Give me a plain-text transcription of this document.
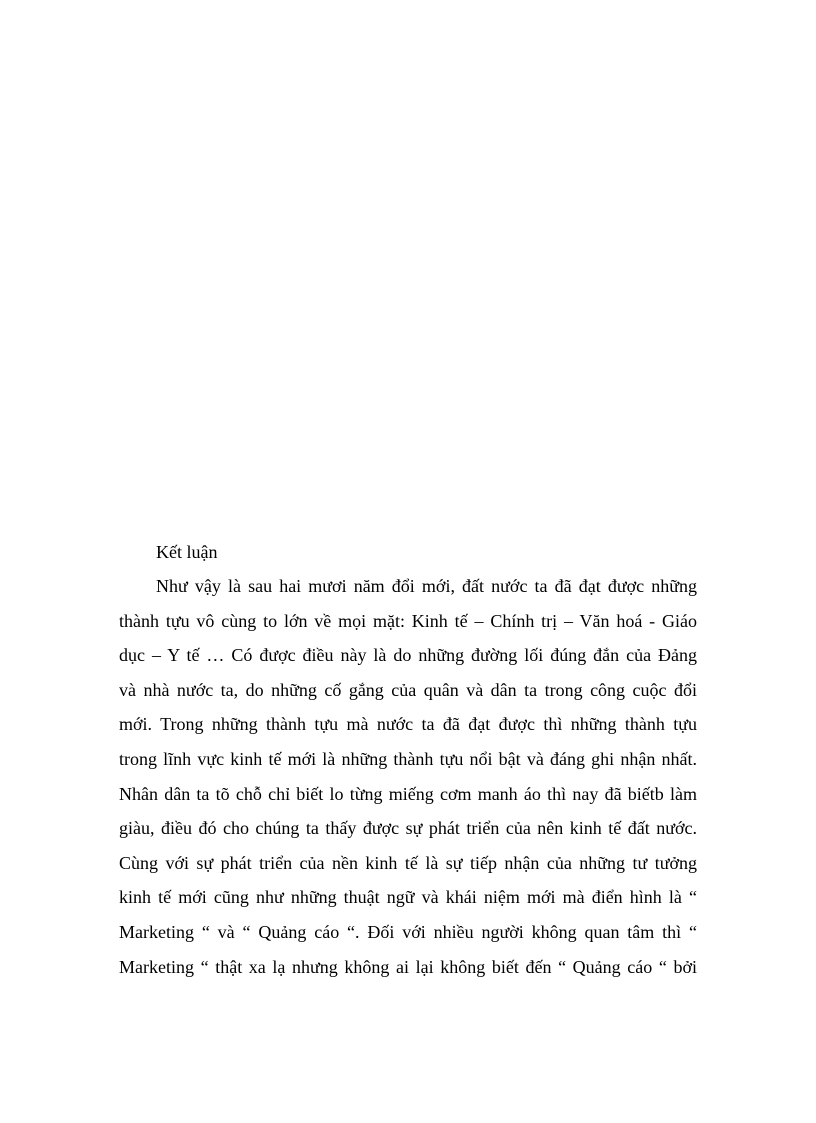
Kết luận
Như vậy là sau hai mươi năm đổi mới, đất nước ta đã đạt được những
thành tựu vô cùng to lớn về mọi mặt: Kinh tế – Chính trị – Văn hoá - Giáo
dục – Y tế … Có được điều này là do những đường lối đúng đắn của Đảng
và nhà nước ta, do những cố gắng của quân và dân ta trong công cuộc đổi
mới. Trong những thành tựu mà nước ta đã đạt được thì những thành tựu
trong lĩnh vực kinh tế mới là những thành tựu nổi bật và đáng ghi nhận nhất.
Nhân dân ta tõ chỗ chỉ biết lo từng miếng cơm manh áo thì nay đã biếtb làm
giàu, điều đó cho chúng ta thấy được sự phát triển của nên kinh tế đất nước.
Cùng với sự phát triển của nền kinh tế là sự tiếp nhận của những tư tưởng
kinh tế mới cũng như những thuật ngữ và khái niệm mới mà điển hình là “
Marketing “ và “ Quảng cáo “. Đối với nhiều người không quan tâm thì “
Marketing “ thật xa lạ nhưng không ai lại không biết đến “ Quảng cáo “ bởi
